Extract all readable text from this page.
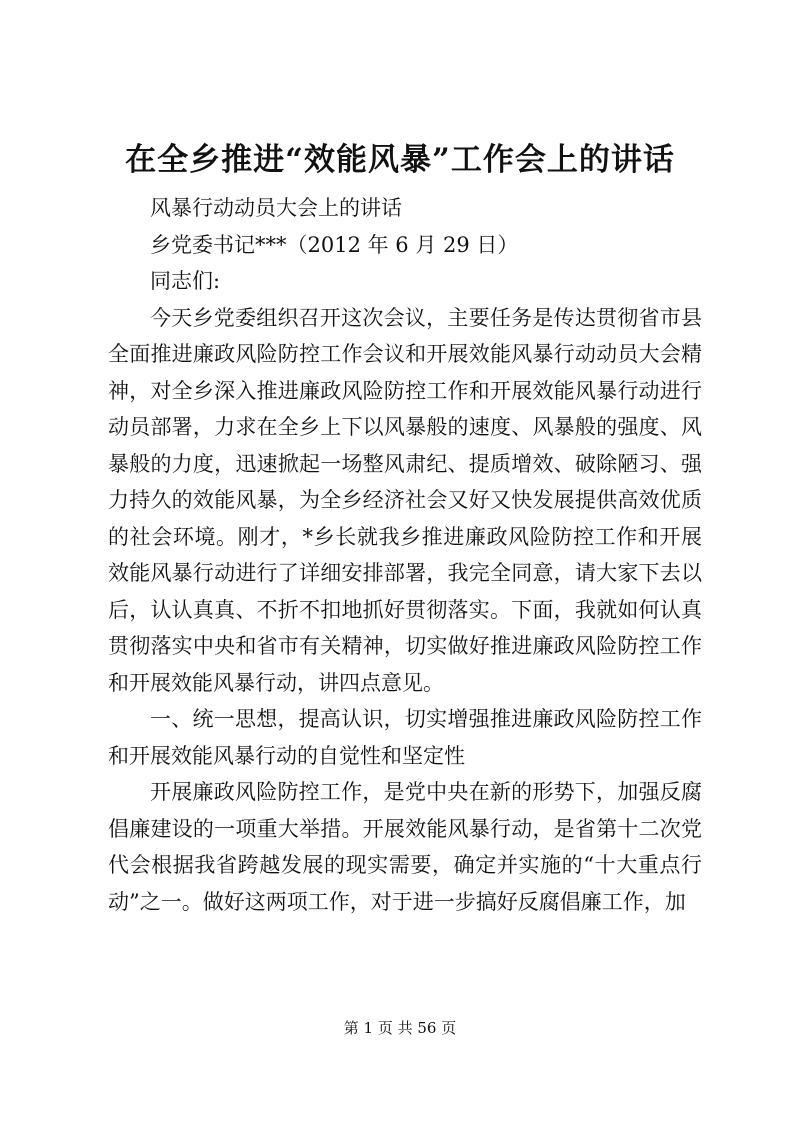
在全乡推进“效能风暴”工作会上的讲话

风暴行动动员大会上的讲话

乡党委书记***（2012 年 6 月 29 日）

同志们:

今天乡党委组织召开这次会议，主要任务是传达贯彻省市县全面推进廉政风险防控工作会议和开展效能风暴行动动员大会精神，对全乡深入推进廉政风险防控工作和开展效能风暴行动进行动员部署，力求在全乡上下以风暴般的速度、风暴般的强度、风暴般的力度，迅速掀起一场整风肃纪、提质增效、破除陋习、强力持久的效能风暴，为全乡经济社会又好又快发展提供高效优质的社会环境。刚才，*乡长就我乡推进廉政风险防控工作和开展效能风暴行动进行了详细安排部署，我完全同意，请大家下去以后，认认真真、不折不扣地抓好贯彻落实。下面，我就如何认真贯彻落实中央和省市有关精神，切实做好推进廉政风险防控工作和开展效能风暴行动，讲四点意见。

一、统一思想，提高认识，切实增强推进廉政风险防控工作和开展效能风暴行动的自觉性和坚定性

开展廉政风险防控工作，是党中央在新的形势下，加强反腐倡廉建设的一项重大举措。开展效能风暴行动，是省第十二次党代会根据我省跨越发展的现实需要，确定并实施的“十大重点行动”之一。做好这两项工作，对于进一步搞好反腐倡廉工作，加

第 1 页 共 56 页
